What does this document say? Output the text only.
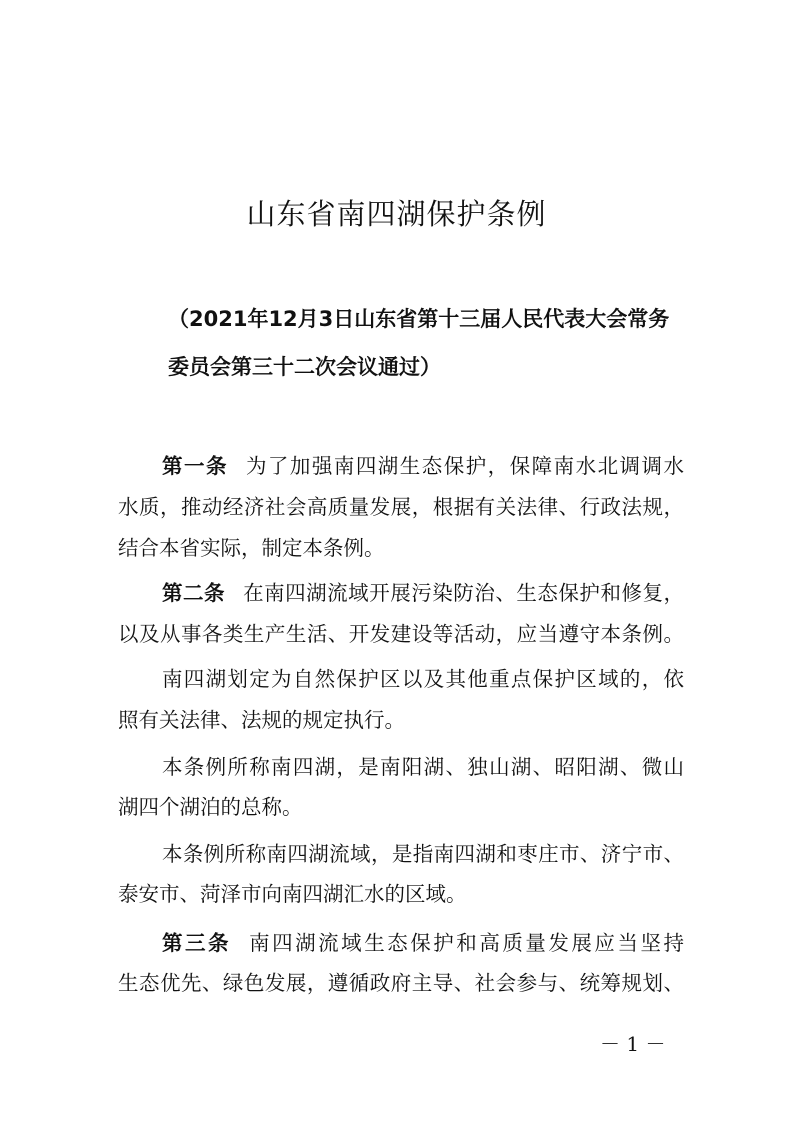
山东省南四湖保护条例
（2021年12月3日山东省第十三届人民代表大会常务
委员会第三十二次会议通过）
第一条 为了加强南四湖生态保护，保障南水北调调水
水质，推动经济社会高质量发展，根据有关法律、行政法规，
结合本省实际，制定本条例。
第二条 在南四湖流域开展污染防治、生态保护和修复，
以及从事各类生产生活、开发建设等活动，应当遵守本条例。
南四湖划定为自然保护区以及其他重点保护区域的，依
照有关法律、法规的规定执行。
本条例所称南四湖，是南阳湖、独山湖、昭阳湖、微山
湖四个湖泊的总称。
本条例所称南四湖流域，是指南四湖和枣庄市、济宁市、
泰安市、菏泽市向南四湖汇水的区域。
第三条 南四湖流域生态保护和高质量发展应当坚持
生态优先、绿色发展，遵循政府主导、社会参与、统筹规划、
－ 1 －
